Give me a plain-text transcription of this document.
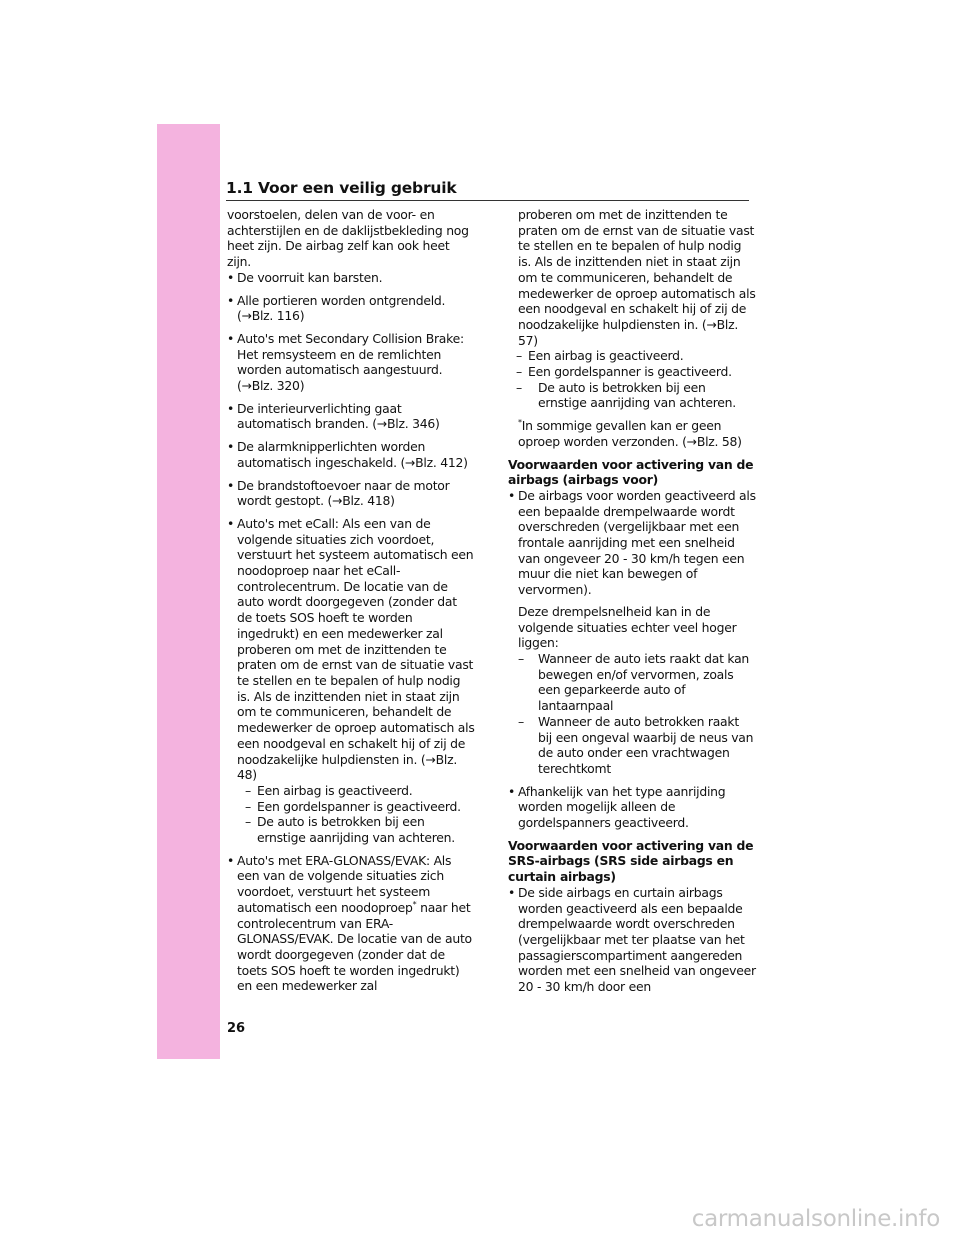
1.1 Voor een veilig gebruik

voorstoelen, delen van de voor- en achterstijlen en de daklijstbekleding nog heet zijn. De airbag zelf kan ook heet zijn.

• De voorruit kan barsten.
• Alle portieren worden ontgrendeld. (→Blz. 116)
• Auto's met Secondary Collision Brake: Het remsysteem en de remlichten worden automatisch aangestuurd. (→Blz. 320)
• De interieurverlichting gaat automatisch branden. (→Blz. 346)
• De alarmknipperlichten worden automatisch ingeschakeld. (→Blz. 412)
• De brandstoftoevoer naar de motor wordt gestopt. (→Blz. 418)
• Auto's met eCall: Als een van de volgende situaties zich voordoet, verstuurt het systeem automatisch een noodoproep naar het eCall-controlecentrum. De locatie van de auto wordt doorgegeven (zonder dat de toets SOS hoeft te worden ingedrukt) en een medewerker zal proberen om met de inzittenden te praten om de ernst van de situatie vast te stellen en te bepalen of hulp nodig is. Als de inzittenden niet in staat zijn om te communiceren, behandelt de medewerker de oproep automatisch als een noodgeval en schakelt hij of zij de noodzakelijke hulpdiensten in. (→Blz. 48)
– Een airbag is geactiveerd.
– Een gordelspanner is geactiveerd.
– De auto is betrokken bij een ernstige aanrijding van achteren.
• Auto's met ERA-GLONASS/EVAK: Als een van de volgende situaties zich voordoet, verstuurt het systeem automatisch een noodoproep* naar het controlecentrum van ERA-GLONASS/EVAK. De locatie van de auto wordt doorgegeven (zonder dat de toets SOS hoeft te worden ingedrukt) en een medewerker zal

proberen om met de inzittenden te praten om de ernst van de situatie vast te stellen en te bepalen of hulp nodig is. Als de inzittenden niet in staat zijn om te communiceren, behandelt de medewerker de oproep automatisch als een noodgeval en schakelt hij of zij de noodzakelijke hulpdiensten in. (→Blz. 57)

– Een airbag is geactiveerd.
– Een gordelspanner is geactiveerd.
– De auto is betrokken bij een ernstige aanrijding van achteren.

*In sommige gevallen kan er geen oproep worden verzonden. (→Blz. 58)

Voorwaarden voor activering van de airbags (airbags voor)

• De airbags voor worden geactiveerd als een bepaalde drempelwaarde wordt overschreden (vergelijkbaar met een frontale aanrijding met een snelheid van ongeveer 20 - 30 km/h tegen een muur die niet kan bewegen of vervormen).

Deze drempelsnelheid kan in de volgende situaties echter veel hoger liggen:

– Wanneer de auto iets raakt dat kan bewegen en/of vervormen, zoals een geparkeerde auto of lantaarnpaal
– Wanneer de auto betrokken raakt bij een ongeval waarbij de neus van de auto onder een vrachtwagen terechtkomt
• Afhankelijk van het type aanrijding worden mogelijk alleen de gordelspanners geactiveerd.

Voorwaarden voor activering van de SRS-airbags (SRS side airbags en curtain airbags)

• De side airbags en curtain airbags worden geactiveerd als een bepaalde drempelwaarde wordt overschreden (vergelijkbaar met ter plaatse van het passagierscompartiment aangereden worden met een snelheid van ongeveer 20 - 30 km/h door een
26
carmanualsonline.info
